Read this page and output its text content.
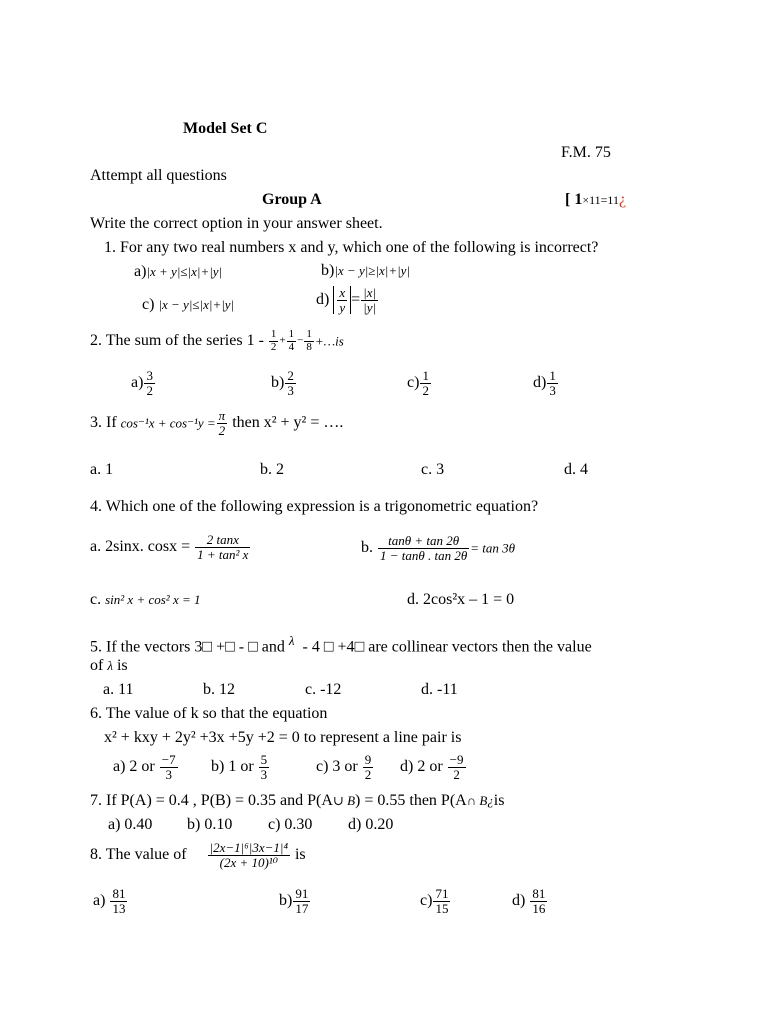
Model Set C
F.M. 75
Attempt all questions
Group A	[ 1×11=11¿
Write the correct option in your answer sheet.
1. For any two real numbers x and y, which one of the following is incorrect?
a)|x + y|≤|x|+|y|	b)|x − y|≥|x|+|y|
c) |x − y|≤|x|+|y|	$d) \frac{x}{y} = \frac{|x|}{|y|}$
2. The sum of the series $1 - \frac{1}{2} + \frac{1}{4} - \frac{1}{8}$ +…is
$a) \frac{3}{2}$	$b) \frac{2}{3}$	$c) \frac{1}{2}$	$d) \frac{1}{3}$
3. If $\cos^{-1}x + \cos^{-1}y = \frac{\pi}{2}$ then x² + y² = ….
a. 1	b. 2	c. 3	d. 4
4. Which one of the following expression is a trigonometric equation?
a. 2sinx. $\cos x = \frac{2 \tan x}{\text{1 + tan² x}}$	b. $\frac{\tan\theta + \tan 2\theta}{1 - \tan\theta . \tan 2\theta} = \tan 3\theta$
c. sin² x + cos² x = 1	d. 2cos²x – 1 = 0
5. If the vectors 3□ +□ - □ and $^\lambda$ - 4 □ +4□ are collinear vectors then the value
of λ is
a. 11	b. 12	c. -12	d. -11
6. The value of k so that the equation
x² + kxy + 2y² +3x +5y +2 = 0 to represent a line pair is
a) 2 or $\frac{-7}{3} b$) 1 or $\frac{5}{3}$	c) 3 or $\frac{9}{2} d$) 2 or $\frac{-9}{2}$
7. If P(A) = 0.4 , P(B) = 0.35 and P(A∪ B) = 0.55 then P(A∩ B¿is
a) 0.40 b) 0.10 c) 0.30 d) 0.20
8. The value of $\frac{\text{|2x−1|⁶|3x−1|⁴}}{\text{(2x + 10)¹⁰}}$ is
$a) \frac{81}{13}$	$b) \frac{91}{17}$	$c) \frac{71}{15}$	$d) \frac{81}{16}$
